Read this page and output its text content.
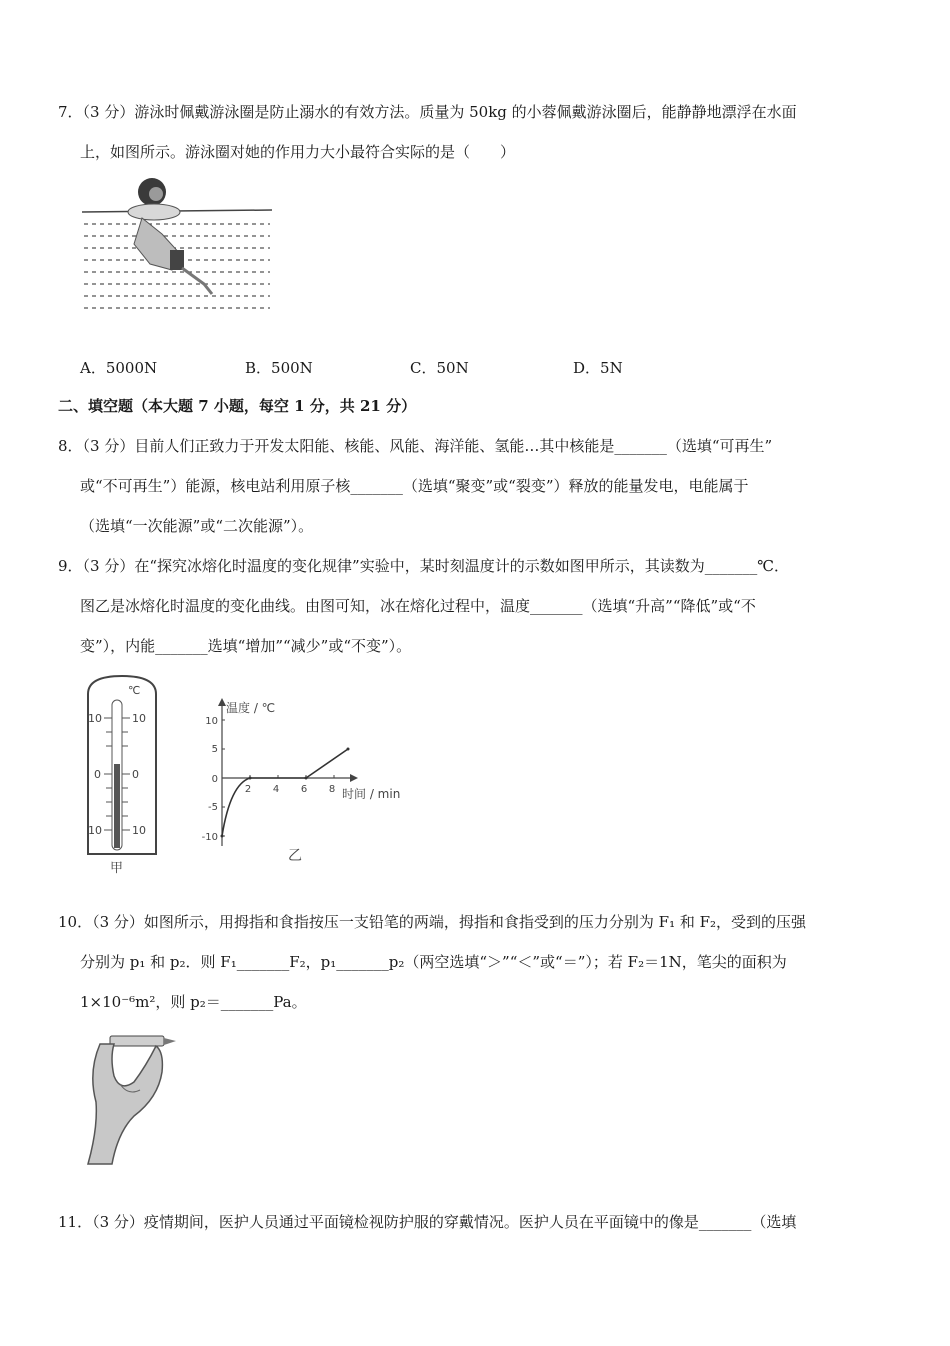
7．（3 分）游泳时佩戴游泳圈是防止溺水的有效方法。质量为 50kg 的小蓉佩戴游泳圈后，能静静地漂浮在水面
上，如图所示。游泳圈对她的作用力大小最符合实际的是（　　）
A．5000N	B．500N	C．50N	D．5N
二、填空题（本大题 7 小题，每空 1 分，共 21 分）
8．（3 分）目前人们正致力于开发太阳能、核能、风能、海洋能、氢能…其中核能是_______（选填“可再生”
或“不可再生”）能源，核电站利用原子核_______（选填“聚变”或“裂变”）释放的能量发电，电能属于
（选填“一次能源”或“二次能源”）。
9．（3 分）在“探究冰熔化时温度的变化规律”实验中，某时刻温度计的示数如图甲所示，其读数为_______℃．
图乙是冰熔化时温度的变化曲线。由图可知，冰在熔化过程中，温度_______（选填“升高”“降低”或“不
变”），内能_______选填“增加”“减少”或“不变”）。
℃
10	10
0	0
10	10
甲
温度 / ℃
时间 / min
10
5
0
-5
-10
2 4 6 8
乙
10．（3 分）如图所示，用拇指和食指按压一支铅笔的两端，拇指和食指受到的压力分别为 F₁ 和 F₂，受到的压强
分别为 p₁ 和 p₂．则 F₁_______F₂，p₁_______p₂（两空选填“＞”“＜”或“＝”）；若 F₂＝1N，笔尖的面积为
1×10⁻⁶m²，则 p₂＝_______Pa。
11．（3 分）疫情期间，医护人员通过平面镜检视防护服的穿戴情况。医护人员在平面镜中的像是_______（选填
